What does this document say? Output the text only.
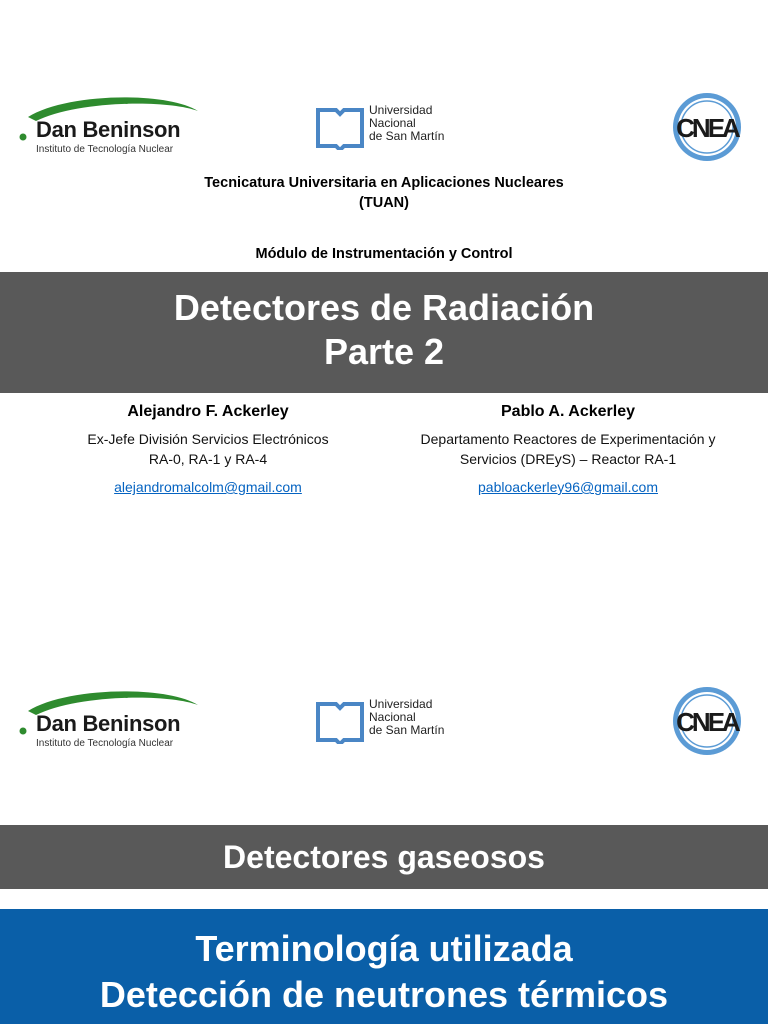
Dan Beninson
Instituto de Tecnología Nuclear
Universidad
Nacional
de San Martín	CNEA
Tecnicatura Universitaria en Aplicaciones Nucleares
(TUAN)
Módulo de Instrumentación y Control
Detectores de Radiación
Parte 2
Alejandro F. Ackerley
Ex-Jefe División Servicios Electrónicos
RA-0, RA-1 y RA-4
alejandromalcolm@gmail.com
Pablo A. Ackerley
Departamento Reactores de Experimentación y
Servicios (DREyS) – Reactor RA-1
pabloackerley96@gmail.com
Dan Beninson
Instituto de Tecnología Nuclear
Universidad
Nacional
de San Martín	CNEA
Detectores gaseosos
Terminología utilizada
Detección de neutrones térmicos
